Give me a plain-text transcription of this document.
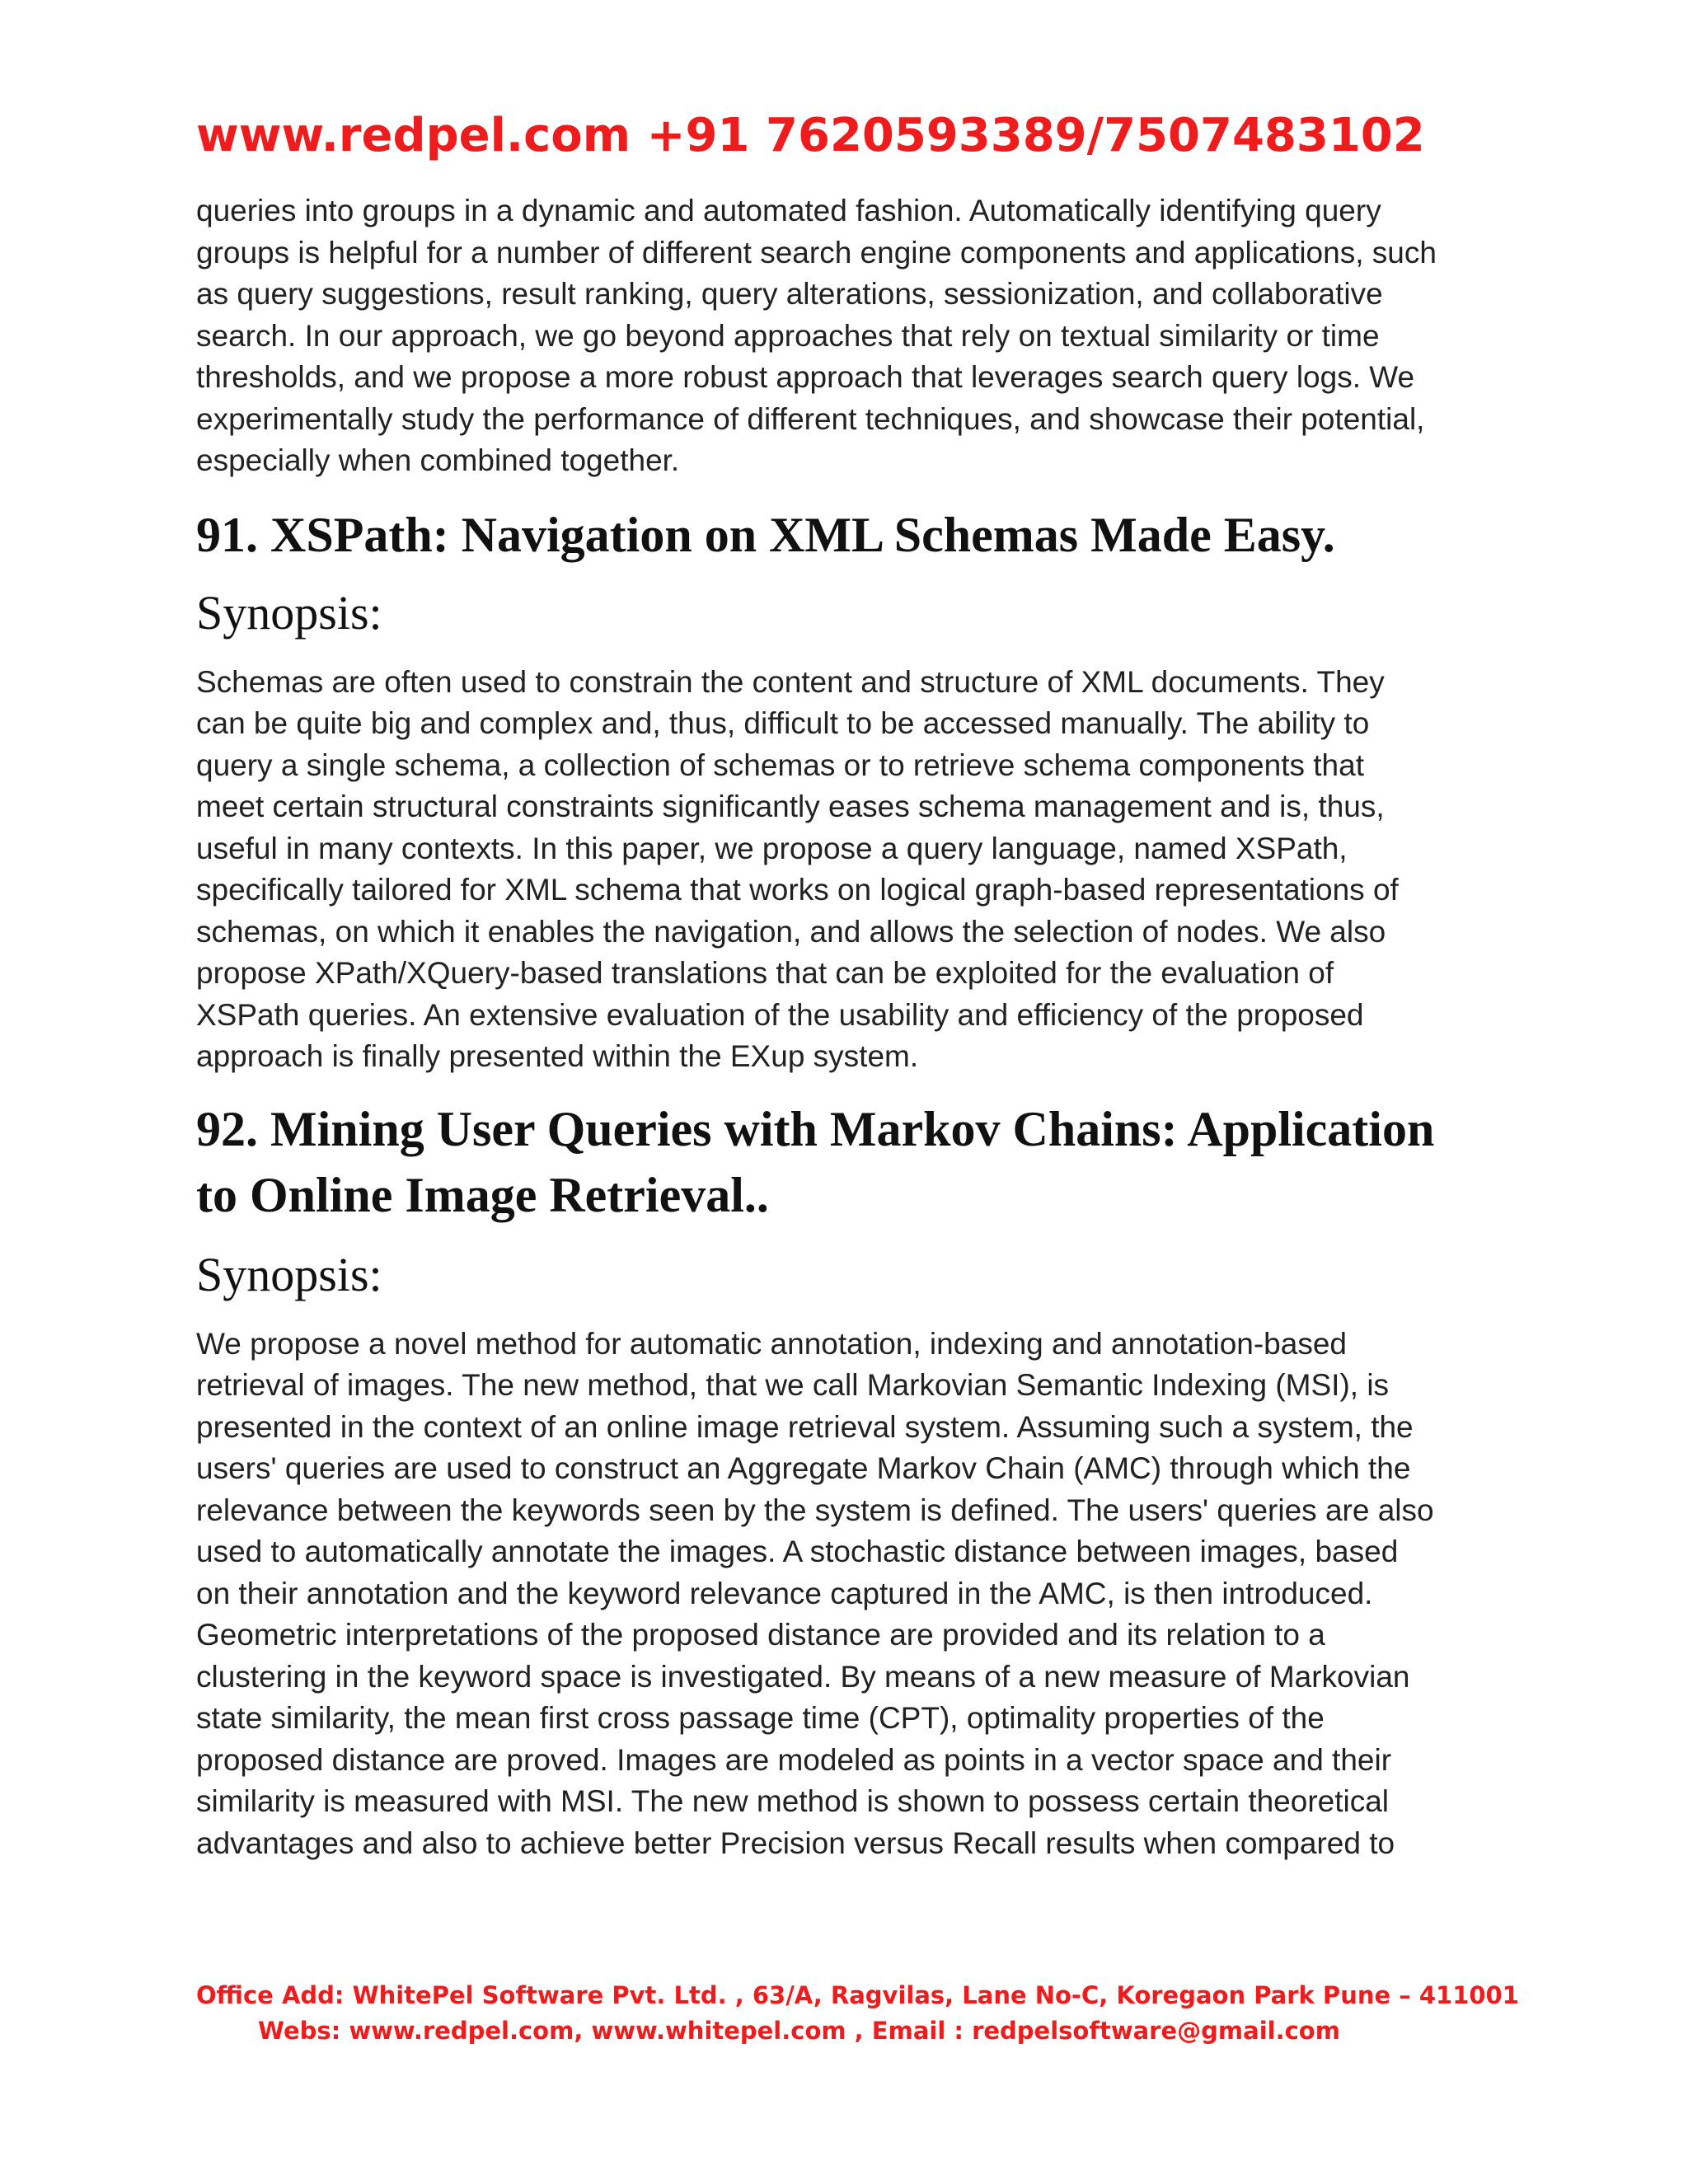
www.redpel.com +91 7620593389/7507483102

queries into groups in a dynamic and automated fashion. Automatically identifying query
groups is helpful for a number of different search engine components and applications, such
as query suggestions, result ranking, query alterations, sessionization, and collaborative
search. In our approach, we go beyond approaches that rely on textual similarity or time
thresholds, and we propose a more robust approach that leverages search query logs. We
experimentally study the performance of different techniques, and showcase their potential,
especially when combined together.

91. XSPath: Navigation on XML Schemas Made Easy.
Synopsis:

Schemas are often used to constrain the content and structure of XML documents. They
can be quite big and complex and, thus, difficult to be accessed manually. The ability to
query a single schema, a collection of schemas or to retrieve schema components that
meet certain structural constraints significantly eases schema management and is, thus,
useful in many contexts. In this paper, we propose a query language, named XSPath,
specifically tailored for XML schema that works on logical graph-based representations of
schemas, on which it enables the navigation, and allows the selection of nodes. We also
propose XPath/XQuery-based translations that can be exploited for the evaluation of
XSPath queries. An extensive evaluation of the usability and efficiency of the proposed
approach is finally presented within the EXup system.

92. Mining User Queries with Markov Chains: Application
to Online Image Retrieval..
Synopsis:

We propose a novel method for automatic annotation, indexing and annotation-based
retrieval of images. The new method, that we call Markovian Semantic Indexing (MSI), is
presented in the context of an online image retrieval system. Assuming such a system, the
users' queries are used to construct an Aggregate Markov Chain (AMC) through which the
relevance between the keywords seen by the system is defined. The users' queries are also
used to automatically annotate the images. A stochastic distance between images, based
on their annotation and the keyword relevance captured in the AMC, is then introduced.
Geometric interpretations of the proposed distance are provided and its relation to a
clustering in the keyword space is investigated. By means of a new measure of Markovian
state similarity, the mean first cross passage time (CPT), optimality properties of the
proposed distance are proved. Images are modeled as points in a vector space and their
similarity is measured with MSI. The new method is shown to possess certain theoretical
advantages and also to achieve better Precision versus Recall results when compared to

Office Add: WhitePel Software Pvt. Ltd. , 63/A, Ragvilas, Lane No-C, Koregaon Park Pune – 411001
Webs: www.redpel.com, www.whitepel.com , Email : redpelsoftware@gmail.com
